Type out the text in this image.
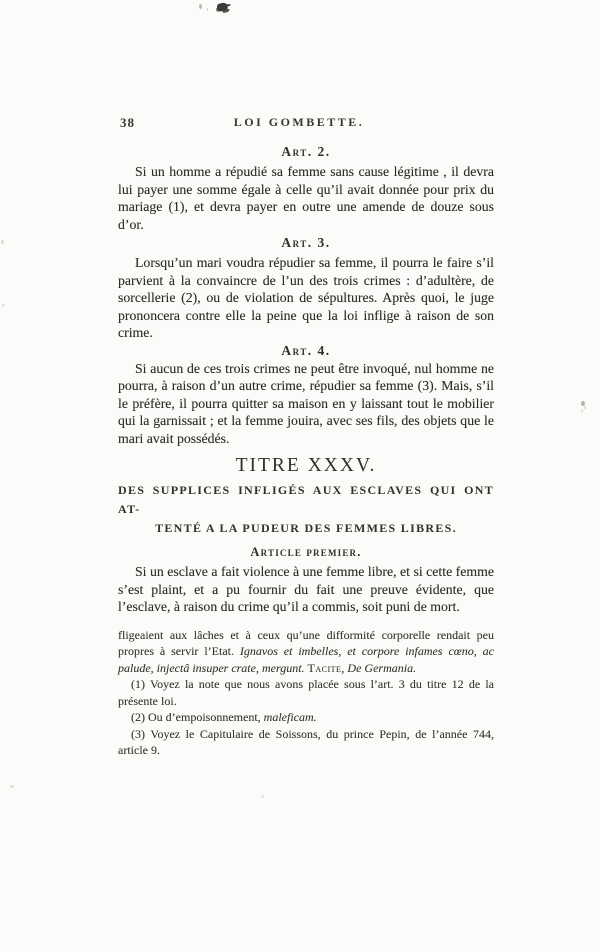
38	LOI GOMBETTE.
Art. 2.

Si un homme a répudié sa femme sans cause légitime , il devra lui payer une somme égale à celle qu’il avait donnée pour prix du mariage (1), et devra payer en outre une amende de douze sous d’or.

Art. 3.

Lorsqu’un mari voudra répudier sa femme, il pourra le faire s’il parvient à la convaincre de l’un des trois crimes : d’adultère, de sorcellerie (2), ou de violation de sépultures. Après quoi, le juge prononcera contre elle la peine que la loi inflige à raison de son crime.

Art. 4.

Si aucun de ces trois crimes ne peut être invoqué, nul homme ne pourra, à raison d’un autre crime, répudier sa femme (3). Mais, s’il le préfère, il pourra quitter sa maison en y laissant tout le mobilier qui la garnissait ; et la femme jouira, avec ses fils, des objets que le mari avait possédés.

TITRE XXXV.
DES SUPPLICES INFLIGÉS AUX ESCLAVES QUI ONT AT-
TENTÉ A LA PUDEUR DES FEMMES LIBRES.
Article premier.

Si un esclave a fait violence à une femme libre, et si cette femme s’est plaint, et a pu fournir du fait une preuve évidente, que l’esclave, à raison du crime qu’il a commis, soit puni de mort.

fligeaient aux lâches et à ceux qu’une difformité corporelle rendait peu propres à servir l’Etat. Ignavos et imbelles, et corpore infames cœno, ac palude, injectâ insuper crate, mergunt. Tacite, De Germania.

(1) Voyez la note que nous avons placée sous l’art. 3 du titre 12 de la présente loi.

(2) Ou d’empoisonnement, maleficam.

(3) Voyez le Capitulaire de Soissons, du prince Pepin, de l’année 744, article 9.
